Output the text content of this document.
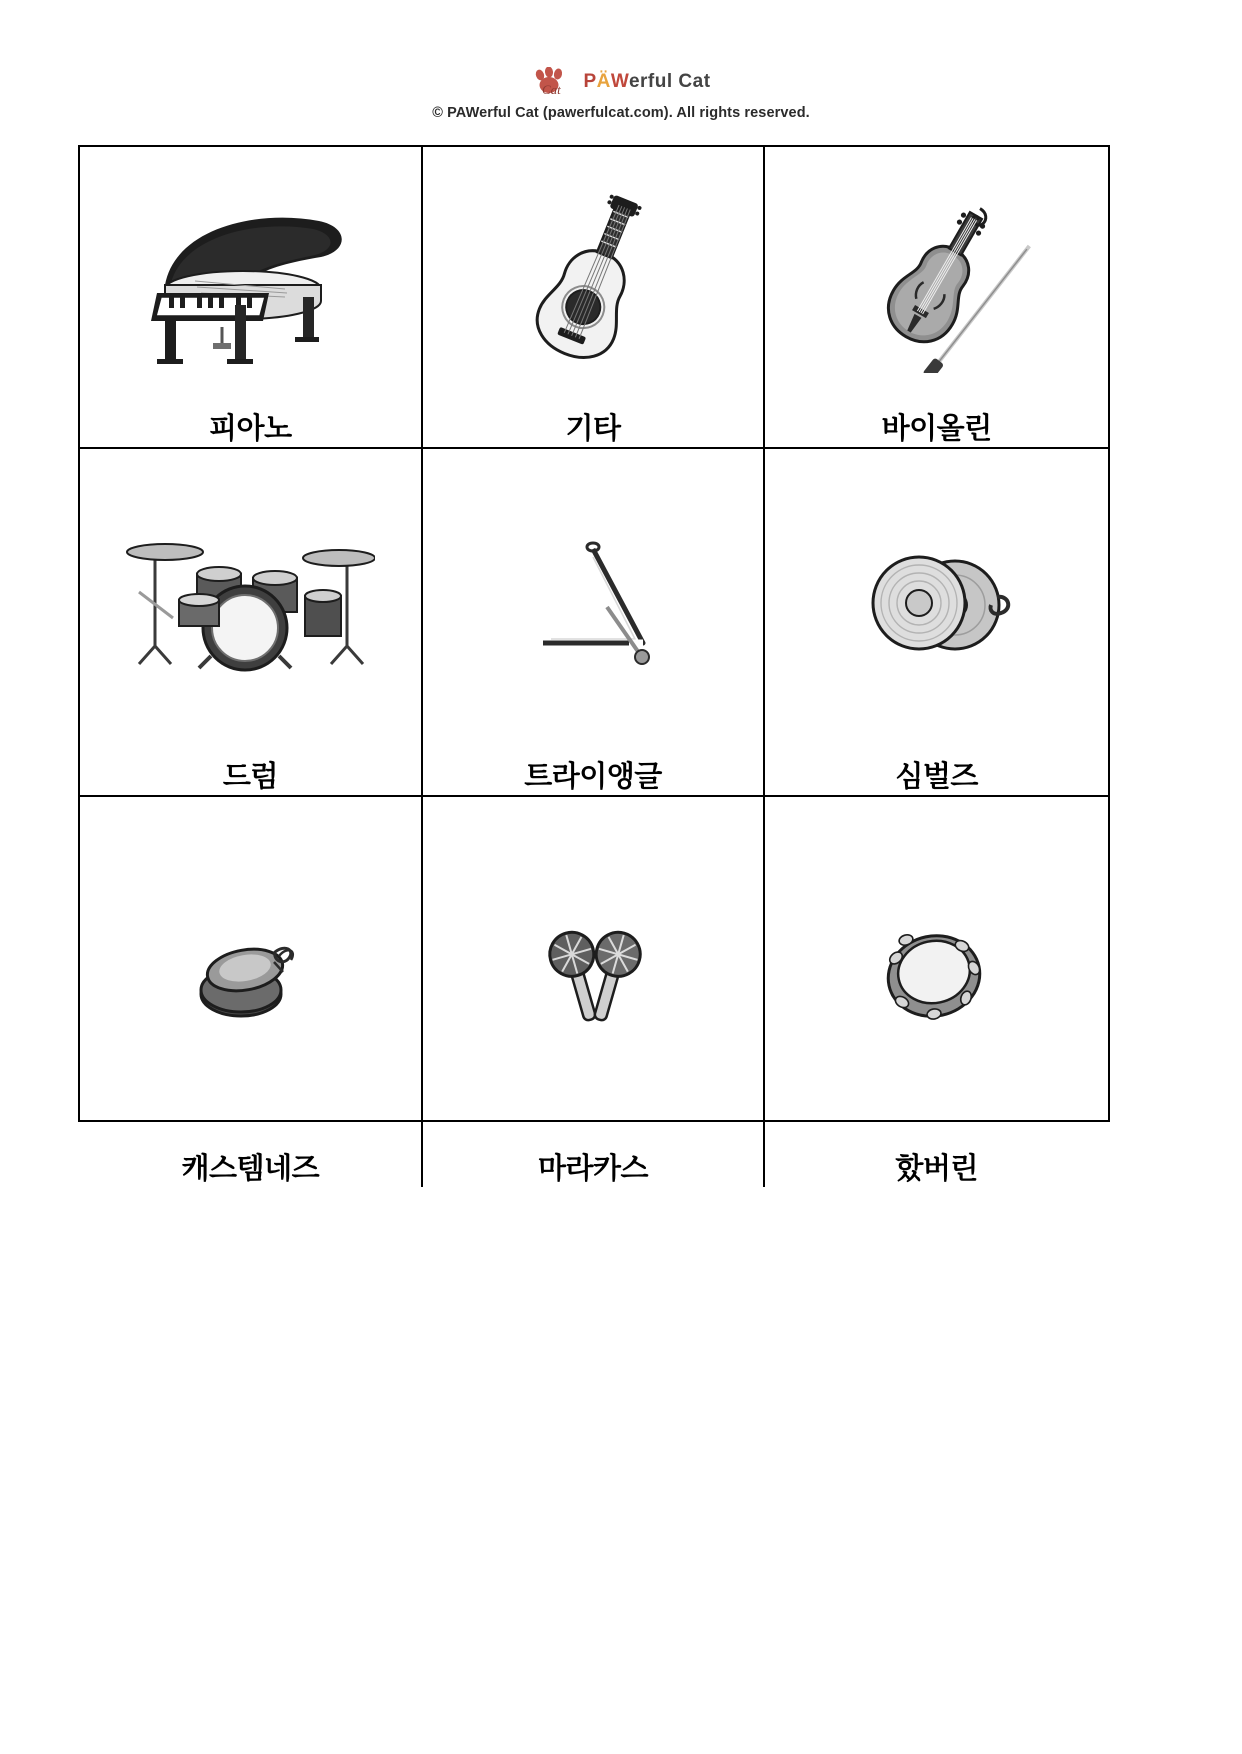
Cat PÄWerful Cat
© PAWerful Cat (pawerfulcat.com). All rights reserved.
피아노	기타	바이올린
드럼	트라이앵글	심벌즈
캐스템네즈	마라카스	핬버린
